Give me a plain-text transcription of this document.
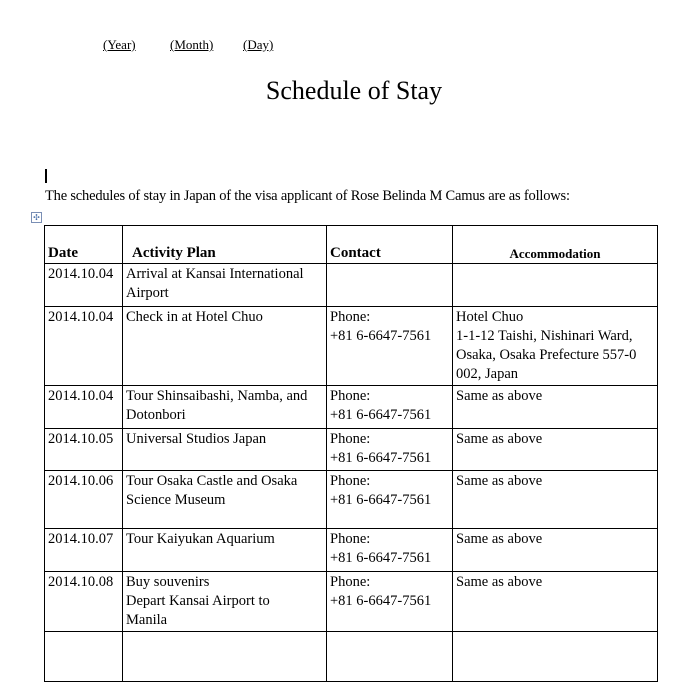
(Year)	(Month)	(Day)
Schedule of Stay
The schedules of stay in Japan of the visa applicant of Rose Belinda M Camus are as follows:
✣
Date	Activity Plan	Contact	Accommodation
2014.10.04	Arrival at Kansai International
Airport		
2014.10.04	Check in at Hotel Chuo	Phone:
+81 6-6647-7561	Hotel Chuo
1-1-12 Taishi, Nishinari Ward,
Osaka, Osaka Prefecture 557-0
002, Japan
2014.10.04	Tour Shinsaibashi, Namba, and
Dotonbori	Phone:
+81 6-6647-7561	Same as above
2014.10.05	Universal Studios Japan	Phone:
+81 6-6647-7561	Same as above
2014.10.06	Tour Osaka Castle and Osaka
Science Museum	Phone:
+81 6-6647-7561	Same as above
2014.10.07	Tour Kaiyukan Aquarium	Phone:
+81 6-6647-7561	Same as above
2014.10.08	Buy souvenirs
Depart Kansai Airport to
Manila	Phone:
+81 6-6647-7561	Same as above
